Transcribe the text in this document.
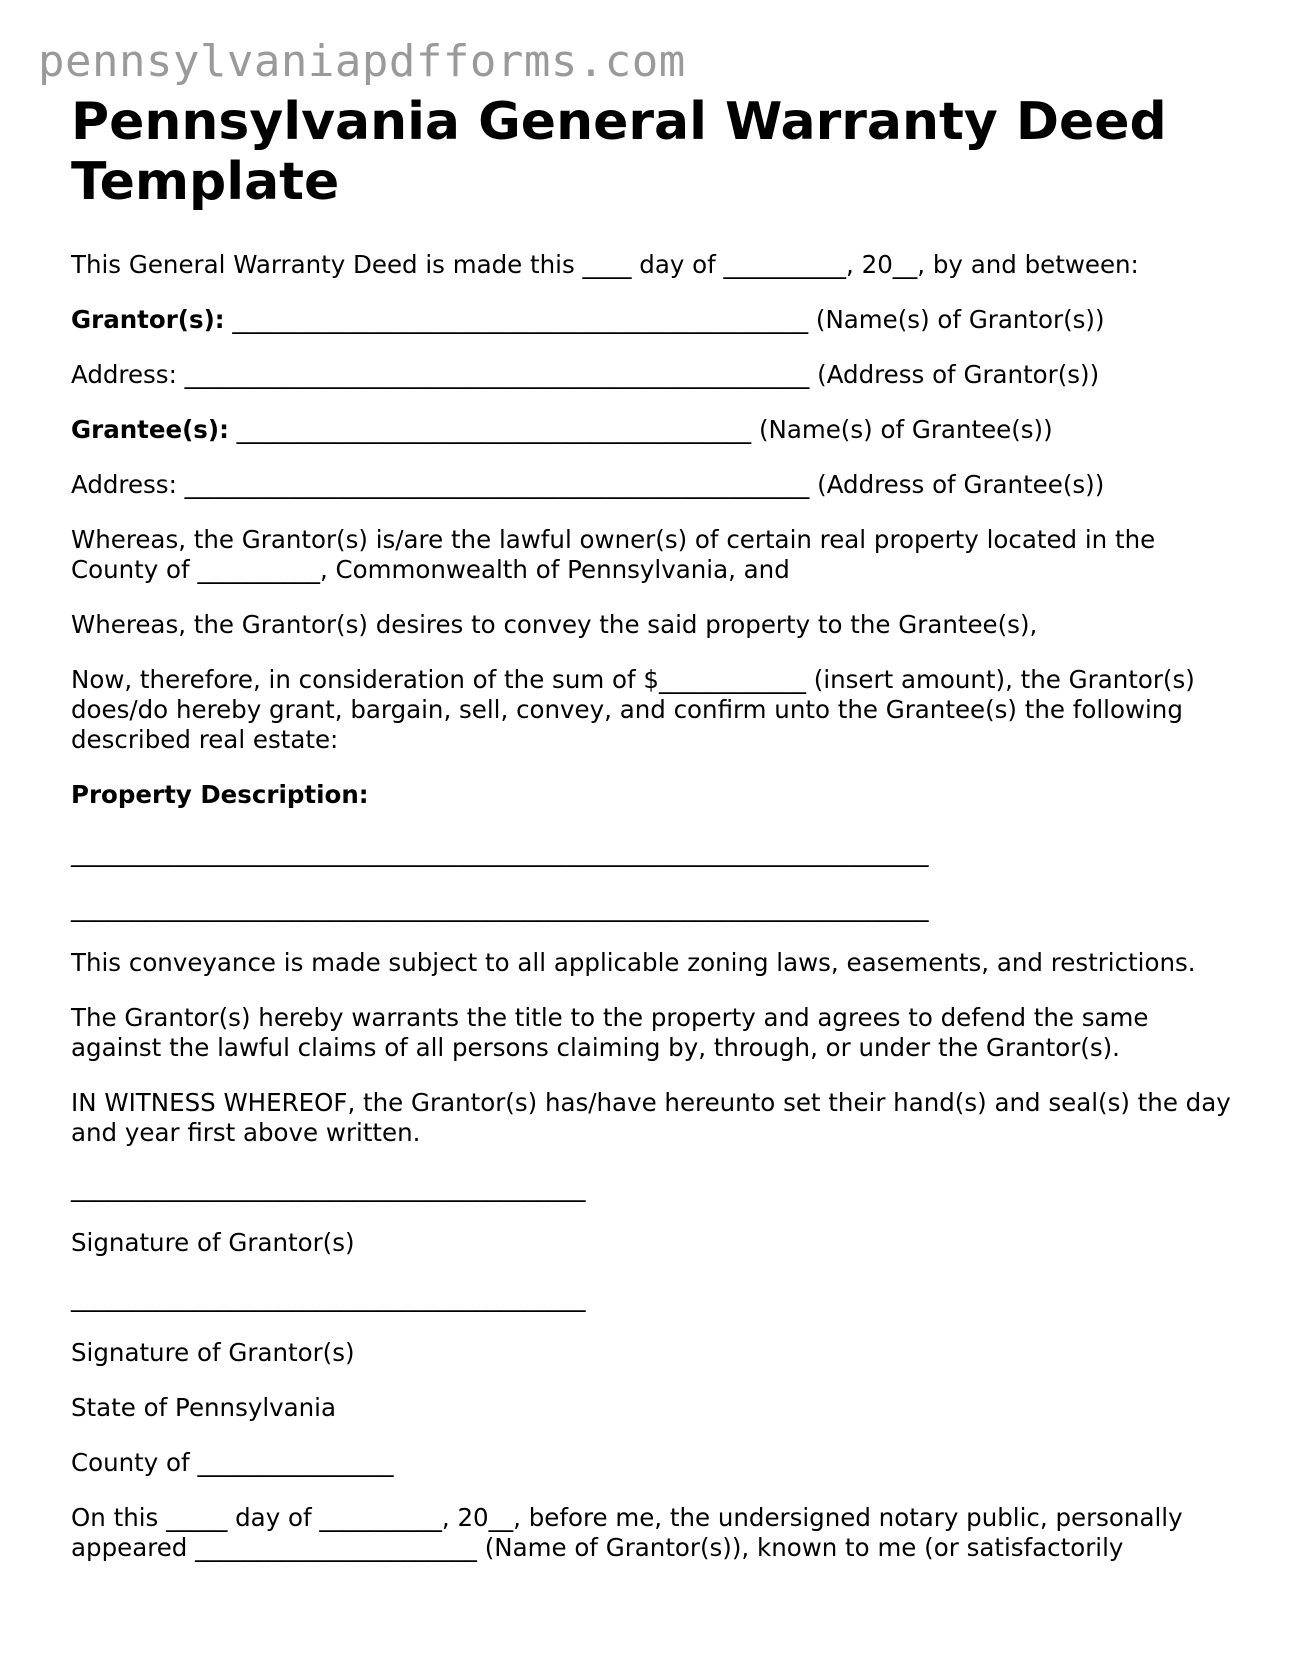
pennsylvaniapdfforms.com
Pennsylvania General Warranty Deed Template

This General Warranty Deed is made this ____ day of __________, 20__, by and between:

Grantor(s): _______________________________________________ (Name(s) of Grantor(s))

Address: ___________________________________________________ (Address of Grantor(s))

Grantee(s): __________________________________________ (Name(s) of Grantee(s))

Address: ___________________________________________________ (Address of Grantee(s))

Whereas, the Grantor(s) is/are the lawful owner(s) of certain real property located in the County of __________, Commonwealth of Pennsylvania, and

Whereas, the Grantor(s) desires to convey the said property to the Grantee(s),

Now, therefore, in consideration of the sum of $____________ (insert amount), the Grantor(s) does/do hereby grant, bargain, sell, convey, and confirm unto the Grantee(s) the following described real estate:

Property Description:

______________________________________________________________________
______________________________________________________________________

This conveyance is made subject to all applicable zoning laws, easements, and restrictions.

The Grantor(s) hereby warrants the title to the property and agrees to defend the same against the lawful claims of all persons claiming by, through, or under the Grantor(s).

IN WITNESS WHEREOF, the Grantor(s) has/have hereunto set their hand(s) and seal(s) the day and year first above written.

__________________________________________

Signature of Grantor(s)

__________________________________________

Signature of Grantor(s)

State of Pennsylvania

County of ________________

On this _____ day of __________, 20__, before me, the undersigned notary public, personally appeared _______________________ (Name of Grantor(s)), known to me (or satisfactorily
